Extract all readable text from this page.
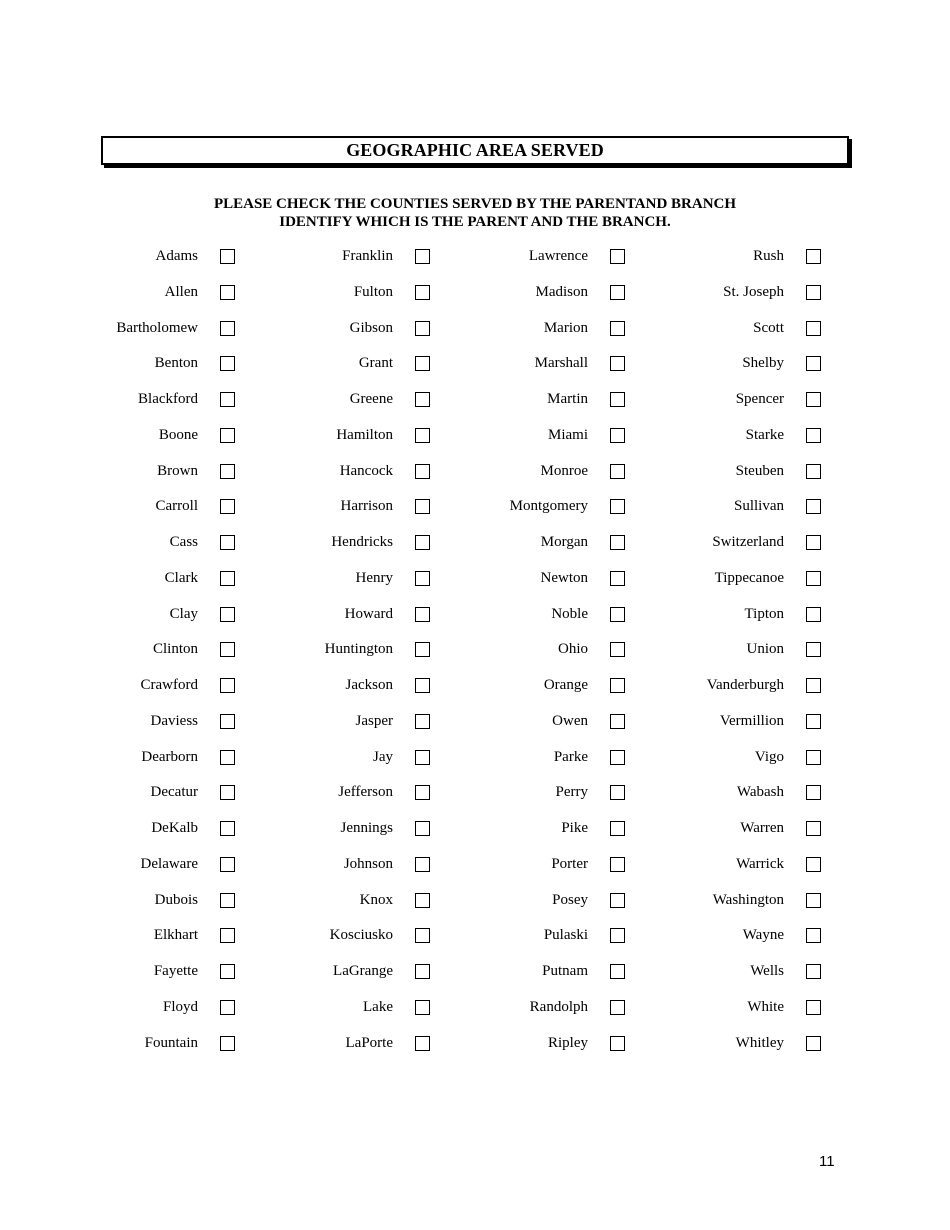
GEOGRAPHIC AREA SERVED
PLEASE CHECK THE COUNTIES SERVED BY THE PARENTAND BRANCH
IDENTIFY WHICH IS THE PARENT AND THE BRANCH.
Adams
Allen
Bartholomew
Benton
Blackford
Boone
Brown
Carroll
Cass
Clark
Clay
Clinton
Crawford
Daviess
Dearborn
Decatur
DeKalb
Delaware
Dubois
Elkhart
Fayette
Floyd
Fountain
Franklin
Fulton
Gibson
Grant
Greene
Hamilton
Hancock
Harrison
Hendricks
Henry
Howard
Huntington
Jackson
Jasper
Jay
Jefferson
Jennings
Johnson
Knox
Kosciusko
LaGrange
Lake
LaPorte
Lawrence
Madison
Marion
Marshall
Martin
Miami
Monroe
Montgomery
Morgan
Newton
Noble
Ohio
Orange
Owen
Parke
Perry
Pike
Porter
Posey
Pulaski
Putnam
Randolph
Ripley
Rush
St. Joseph
Scott
Shelby
Spencer
Starke
Steuben
Sullivan
Switzerland
Tippecanoe
Tipton
Union
Vanderburgh
Vermillion
Vigo
Wabash
Warren
Warrick
Washington
Wayne
Wells
White
Whitley
11
